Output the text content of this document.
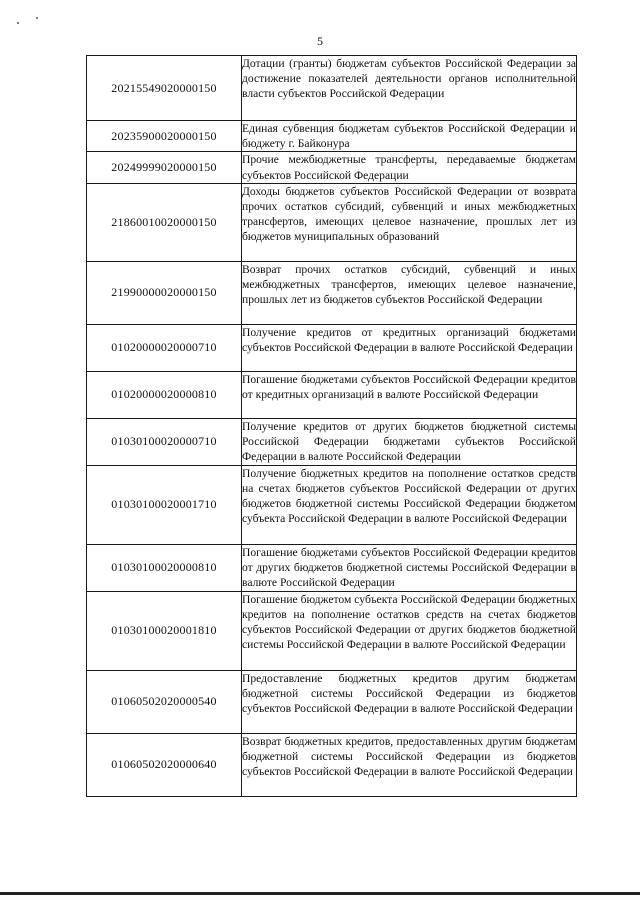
5
20215549020000150	Дотации (гранты) бюджетам субъектов Российской Федерации за достижение показателей деятельности органов исполнительной власти субъектов Российской Федерации
20235900020000150	Единая субвенция бюджетам субъектов Российской Федерации и бюджету г. Байконура
20249999020000150	Прочие межбюджетные трансферты, передаваемые бюджетам субъектов Российской Федерации
21860010020000150	Доходы бюджетов субъектов Российской Федерации от возврата прочих остатков субсидий, субвенций и иных межбюджетных трансфертов, имеющих целевое назначение, прошлых лет из бюджетов муниципальных образований
21990000020000150	Возврат прочих остатков субсидий, субвенций и иных межбюджетных трансфертов, имеющих целевое назначение, прошлых лет из бюджетов субъектов Российской Федерации
01020000020000710	Получение кредитов от кредитных организаций бюджетами субъектов Российской Федерации в валюте Российской Федерации
01020000020000810	Погашение бюджетами субъектов Российской Федерации кредитов от кредитных организаций в валюте Российской Федерации
01030100020000710	Получение кредитов от других бюджетов бюджетной системы Российской Федерации бюджетами субъектов Российской Федерации в валюте Российской Федерации
01030100020001710	Получение бюджетных кредитов на пополнение остатков средств на счетах бюджетов субъектов Российской Федерации от других бюджетов бюджетной системы Российской Федерации бюджетом субъекта Российской Федерации в валюте Российской Федерации
01030100020000810	Погашение бюджетами субъектов Российской Федерации кредитов от других бюджетов бюджетной системы Российской Федерации в валюте Российской Федерации
01030100020001810	Погашение бюджетом субъекта Российской Федерации бюджетных кредитов на пополнение остатков средств на счетах бюджетов субъектов Российской Федерации от других бюджетов бюджетной системы Российской Федерации в валюте Российской Федерации
01060502020000540	Предоставление бюджетных кредитов другим бюджетам бюджетной системы Российской Федерации из бюджетов субъектов Российской Федерации в валюте Российской Федерации
01060502020000640	Возврат бюджетных кредитов, предоставленных другим бюджетам бюджетной системы Российской Федерации из бюджетов субъектов Российской Федерации в валюте Российской Федерации
